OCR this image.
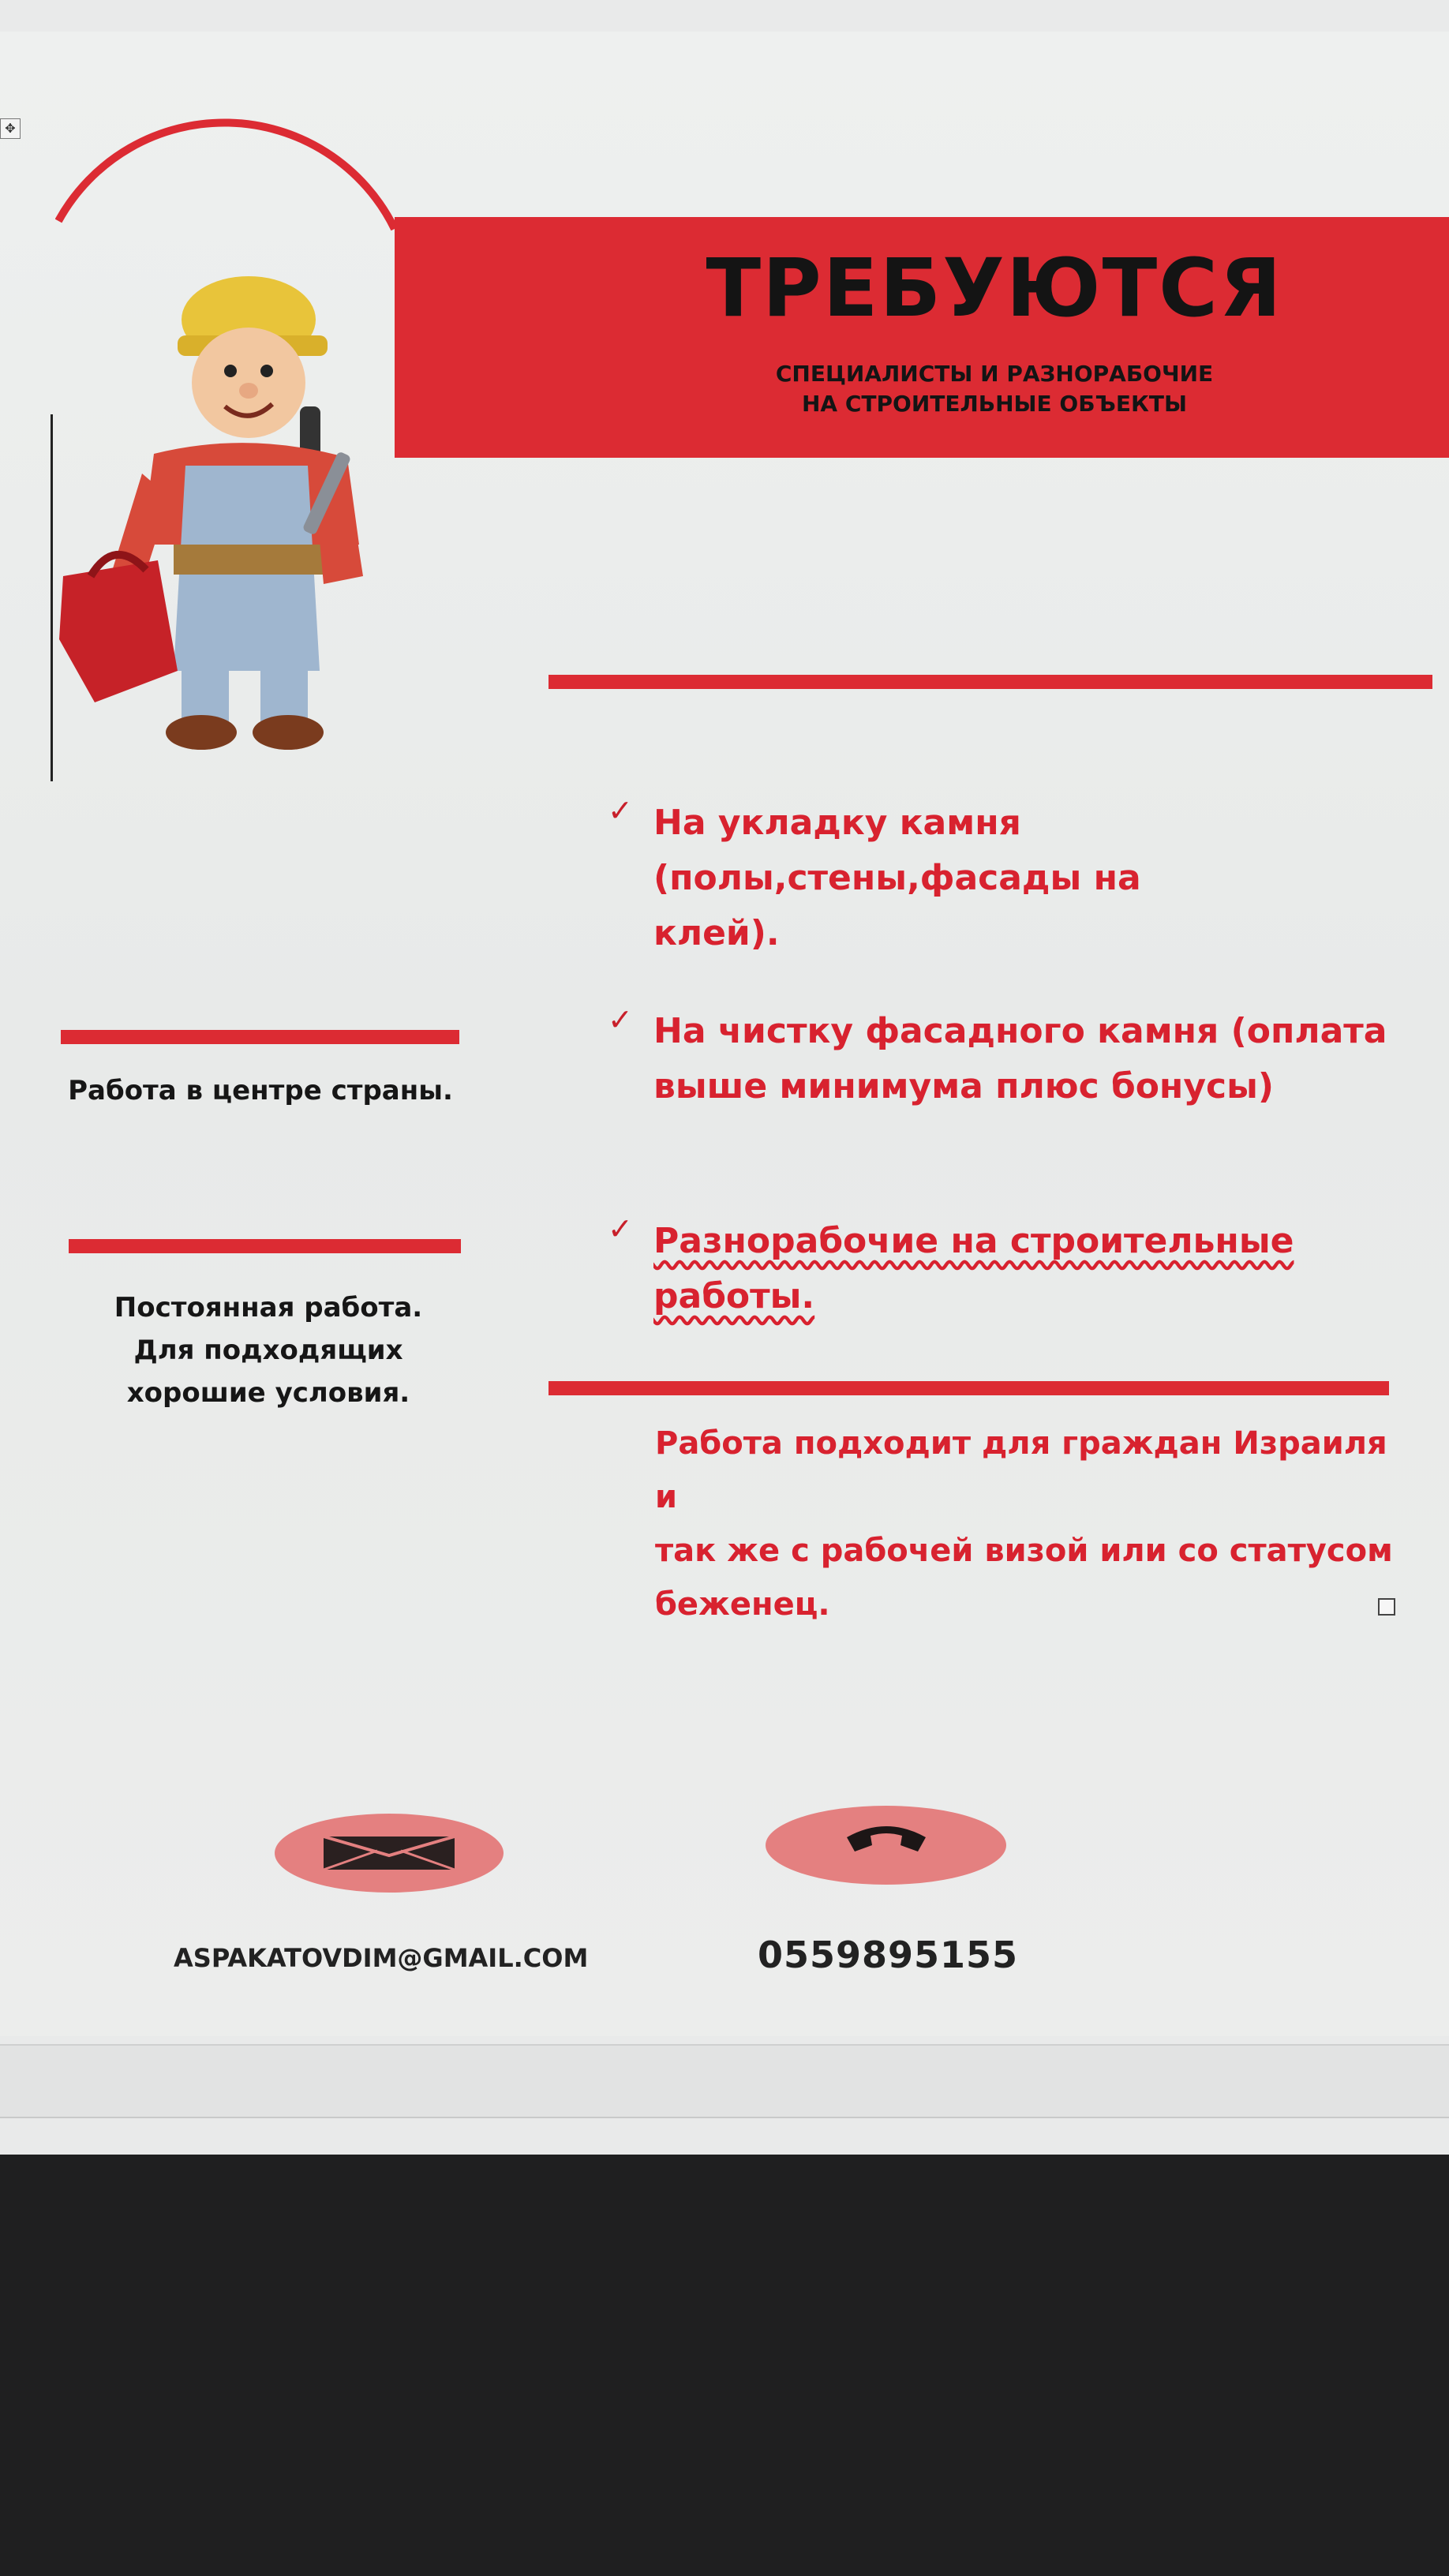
✥
ТРЕБУЮТСЯ
СПЕЦИАЛИСТЫ И РАЗНОРАБОЧИЕ
НА СТРОИТЕЛЬНЫЕ ОБЪЕКТЫ
✓ На укладку камня (полы,стены,фасады на
клей).
✓ На чистку фасадного камня (оплата
выше минимума плюс бонусы)
✓ Разнорабочие на строительные работы.
Работа подходит для граждан Израиля и
так же с рабочей визой или со статусом
беженец.
Работа в центре страны.
Постоянная работа.
Для подходящих
хорошие условия.
ASPAKATOVDIM@GMAIL.COM	0559895155
